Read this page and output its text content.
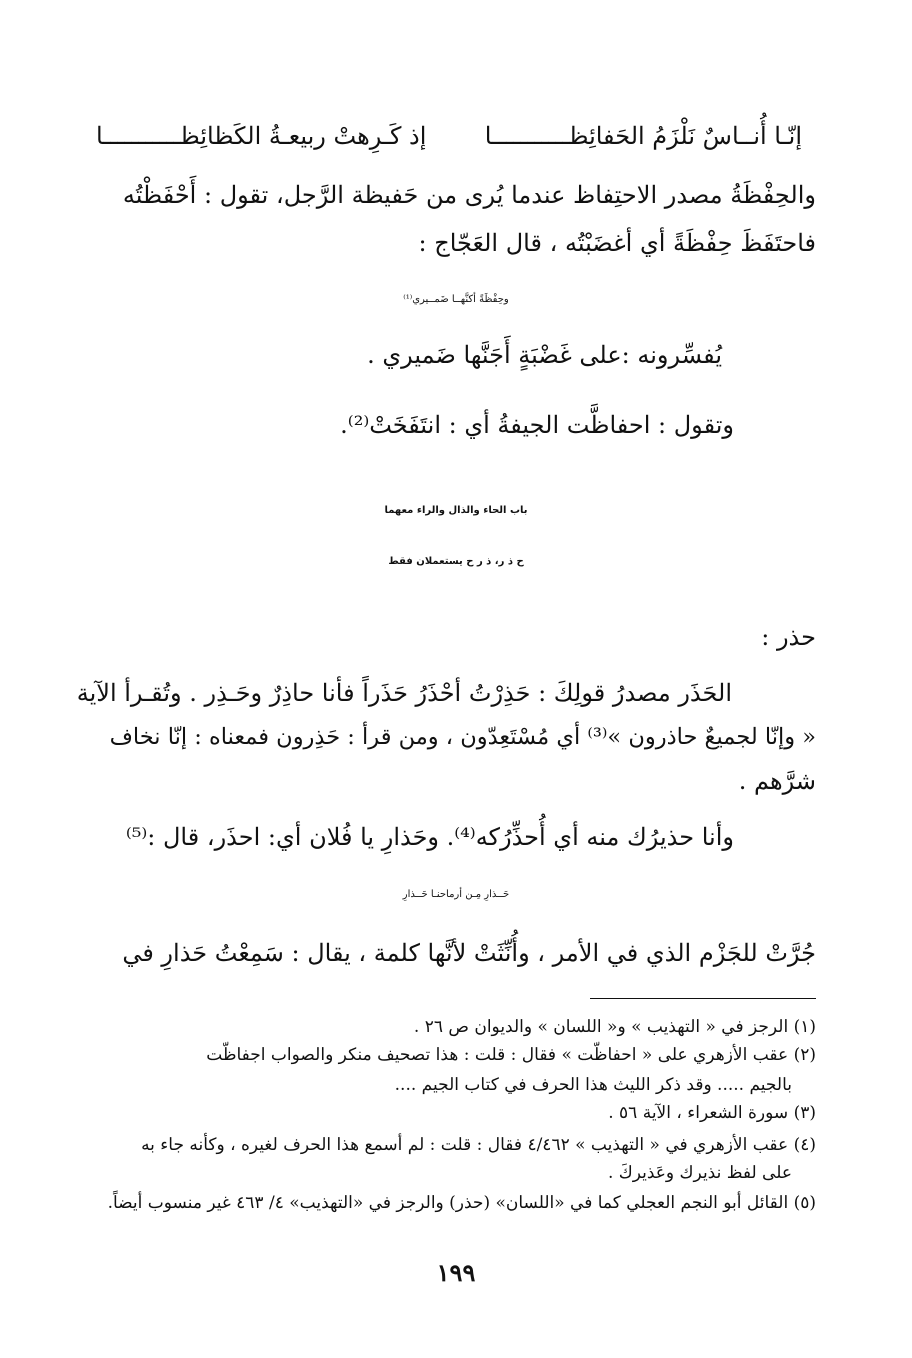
إنّـا أُنــاسٌ نَلْزَمُ الحَفائِظـــــــــــا
إذ كَـرِهتْ ربيعـةُ الكَظائِظـــــــــــا
والحِفْظَةُ مصدر الاحتِفاظ عندما يُرى من حَفيظة الرَّجل، تقول : أَحْفَظْتُه
فاحتَفَظَ حِفْظَةً أي أغضَبْتُه ، قال العَجّاج :
وحِفْظَةً أكنَّهــا ضَمــيري⁽¹⁾
يُفسِّرونه :على غَضْبَةٍ أَجَنَّها ضَميري .
وتقول : احفاظَّت الجيفةُ أي : انتَفَخَتْ⁽²⁾.
باب الحاء والذال والراء معهما
ح ذ ر، ذ ر ح يستعملان فقط
حذر :
الحَذَر مصدرُ قولِكَ : حَذِرْتُ أحْذَرُ حَذَراً فأنا حاذِرٌ وحَـذِر . وتُقـرأ الآية
« وإنّا لجميعٌ حاذرون »⁽³⁾ أي مُسْتَعِدّون ، ومن قرأ : حَذِرون فمعناه : إنّا نخاف
شرَّهم .
وأنا حذيرُك منه أي أُحذِّرُكه⁽⁴⁾. وحَذارِ يا فُلان أي: احذَر، قال :⁽⁵⁾
حَــذارِ مِـن أرماحنـا حَــذارِ
جُرَّتْ للجَزْم الذي في الأمر ، وأُنِّثَتْ لأنَّها كلمة ، يقال : سَمِعْتُ حَذارِ في
(١) الرجز في « التهذيب » و« اللسان » والديوان ص ٢٦ .
(٢) عقب الأزهري على « احفاظّت » فقال : قلت : هذا تصحيف منكر والصواب اجفاظّت
بالجيم ..... وقد ذكر الليث هذا الحرف في كتاب الجيم ....
(٣) سورة الشعراء ، الآية ٥٦ .
(٤) عقب الأزهري في « التهذيب » ٤/٤٦٢ فقال : قلت : لم أسمع هذا الحرف لغيره ، وكأنه جاء به
على لفظ نذيرك وعَذيركَ .
(٥) القائل أبو النجم العجلي كما في «اللسان» (حذر) والرجز في «التهذيب» ٤/ ٤٦٣ غير منسوب أيضاً.
١٩٩
